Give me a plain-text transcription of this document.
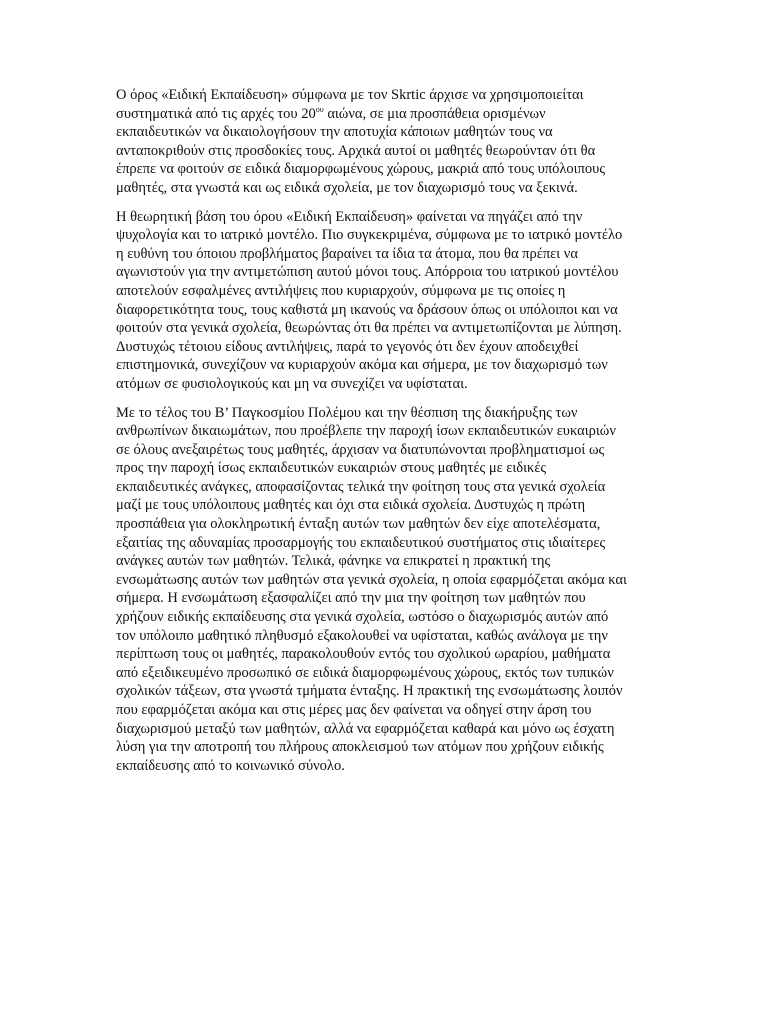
Ο όρος «Ειδική Εκπαίδευση» σύμφωνα με τον Skrtic άρχισε να χρησιμοποιείται συστηματικά από τις αρχές του $20^{o\upsilon}$ αιώνα, σε μια προσπάθεια ορισμένων εκπαιδευτικών να δικαιολογήσουν την αποτυχία κάποιων μαθητών τους να ανταποκριθούν στις προσδοκίες τους. Αρχικά αυτοί οι μαθητές θεωρούνταν ότι θα έπρεπε να φοιτούν σε ειδικά διαμορφωμένους χώρους, μακριά από τους υπόλοιπους μαθητές, στα γνωστά και ως ειδικά σχολεία, με τον διαχωρισμό τους να ξεκινά.

Η θεωρητική βάση του όρου «Ειδική Εκπαίδευση» φαίνεται να πηγάζει από την ψυχολογία και το ιατρικό μοντέλο. Πιο συγκεκριμένα, σύμφωνα με το ιατρικό μοντέλο η ευθύνη του όποιου προβλήματος βαραίνει τα ίδια τα άτομα, που θα πρέπει να αγωνιστούν για την αντιμετώπιση αυτού μόνοι τους. Απόρροια του ιατρικού μοντέλου αποτελούν εσφαλμένες αντιλήψεις που κυριαρχούν, σύμφωνα με τις οποίες η διαφορετικότητα τους, τους καθιστά μη ικανούς να δράσουν όπως οι υπόλοιποι και να φοιτούν στα γενικά σχολεία, θεωρώντας ότι θα πρέπει να αντιμετωπίζονται με λύπηση. Δυστυχώς τέτοιου είδους αντιλήψεις, παρά το γεγονός ότι δεν έχουν αποδειχθεί επιστημονικά, συνεχίζουν να κυριαρχούν ακόμα και σήμερα, με τον διαχωρισμό των ατόμων σε φυσιολογικούς και μη να συνεχίζει να υφίσταται.

Με το τέλος του Β’ Παγκοσμίου Πολέμου και την θέσπιση της διακήρυξης των ανθρωπίνων δικαιωμάτων, που προέβλεπε την παροχή ίσων εκπαιδευτικών ευκαιριών σε όλους ανεξαιρέτως τους μαθητές, άρχισαν να διατυπώνονται προβληματισμοί ως προς την παροχή ίσως εκπαιδευτικών ευκαιριών στους μαθητές με ειδικές εκπαιδευτικές ανάγκες, αποφασίζοντας τελικά την φοίτηση τους στα γενικά σχολεία μαζί με τους υπόλοιπους μαθητές και όχι στα ειδικά σχολεία. Δυστυχώς η πρώτη προσπάθεια για ολοκληρωτική ένταξη αυτών των μαθητών δεν είχε αποτελέσματα, εξαιτίας της αδυναμίας προσαρμογής του εκπαιδευτικού συστήματος στις ιδιαίτερες ανάγκες αυτών των μαθητών. Τελικά, φάνηκε να επικρατεί η πρακτική της ενσωμάτωσης αυτών των μαθητών στα γενικά σχολεία, η οποία εφαρμόζεται ακόμα και σήμερα. Η ενσωμάτωση εξασφαλίζει από την μια την φοίτηση των μαθητών που χρήζουν ειδικής εκπαίδευσης στα γενικά σχολεία, ωστόσο ο διαχωρισμός αυτών από τον υπόλοιπο μαθητικό πληθυσμό εξακολουθεί να υφίσταται, καθώς ανάλογα με την περίπτωση τους οι μαθητές, παρακολουθούν εντός του σχολικού ωραρίου, μαθήματα από εξειδικευμένο προσωπικό σε ειδικά διαμορφωμένους χώρους, εκτός των τυπικών σχολικών τάξεων, στα γνωστά τμήματα ένταξης. Η πρακτική της ενσωμάτωσης λοιπόν που εφαρμόζεται ακόμα και στις μέρες μας δεν φαίνεται να οδηγεί στην άρση του διαχωρισμού μεταξύ των μαθητών, αλλά να εφαρμόζεται καθαρά και μόνο ως έσχατη λύση για την αποτροπή του πλήρους αποκλεισμού των ατόμων που χρήζουν ειδικής εκπαίδευσης από το κοινωνικό σύνολο.
